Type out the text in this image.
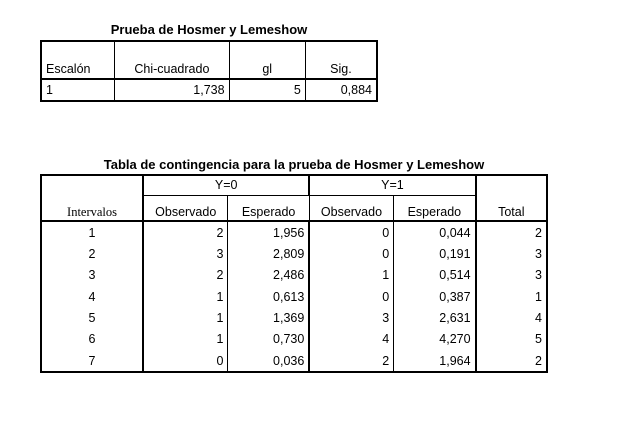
Prueba de Hosmer y Lemeshow
Escalón	Chi-cuadrado	gl	Sig.
1	1,738	5	0,884
Tabla de contingencia para la prueba de Hosmer y Lemeshow
	Y=0		Y=1		
Intervalos	Observado	Esperado	Observado	Esperado	Total
1	2	1,956	0	0,044	2
2	3	2,809	0	0,191	3
3	2	2,486	1	0,514	3
4	1	0,613	0	0,387	1
5	1	1,369	3	2,631	4
6	1	0,730	4	4,270	5
7	0	0,036	2	1,964	2
